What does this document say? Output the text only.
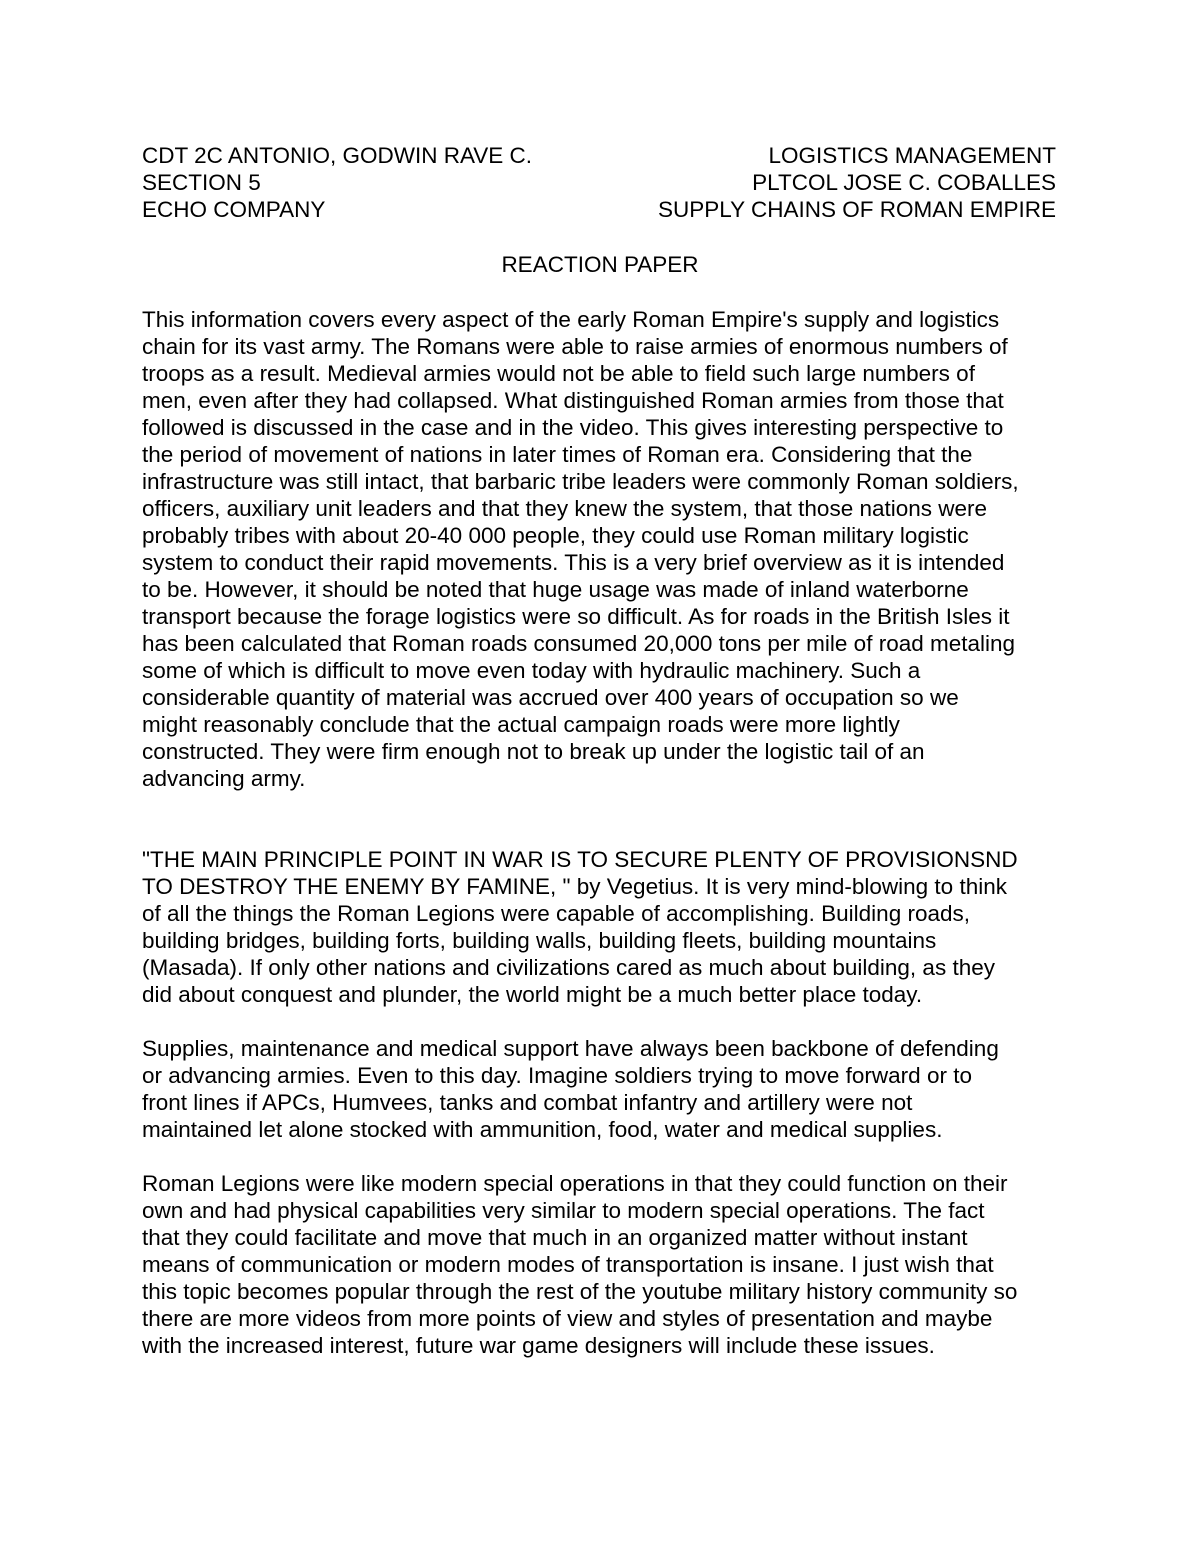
CDT 2C ANTONIO, GODWIN RAVE C.	LOGISTICS MANAGEMENT
SECTION 5	PLTCOL JOSE C. COBALLES
ECHO COMPANY	SUPPLY CHAINS OF ROMAN EMPIRE
REACTION PAPER
This information covers every aspect of the early Roman Empire's supply and logistics
chain for its vast army. The Romans were able to raise armies of enormous numbers of
troops as a result. Medieval armies would not be able to field such large numbers of
men, even after they had collapsed. What distinguished Roman armies from those that
followed is discussed in the case and in the video. This gives interesting perspective to
the period of movement of nations in later times of Roman era. Considering that the
infrastructure was still intact, that barbaric tribe leaders were commonly Roman soldiers,
officers, auxiliary unit leaders and that they knew the system, that those nations were
probably tribes with about 20-40 000 people, they could use Roman military logistic
system to conduct their rapid movements. This is a very brief overview as it is intended
to be. However, it should be noted that huge usage was made of inland waterborne
transport because the forage logistics were so difficult. As for roads in the British Isles it
has been calculated that Roman roads consumed 20,000 tons per mile of road metaling
some of which is difficult to move even today with hydraulic machinery. Such a
considerable quantity of material was accrued over 400 years of occupation so we
might reasonably conclude that the actual campaign roads were more lightly
constructed. They were firm enough not to break up under the logistic tail of an
advancing army.
"THE MAIN PRINCIPLE POINT IN WAR IS TO SECURE PLENTY OF PROVISIONSND
TO DESTROY THE ENEMY BY FAMINE, " by Vegetius. It is very mind-blowing to think
of all the things the Roman Legions were capable of accomplishing. Building roads,
building bridges, building forts, building walls, building fleets, building mountains
(Masada). If only other nations and civilizations cared as much about building, as they
did about conquest and plunder, the world might be a much better place today.
Supplies, maintenance and medical support have always been backbone of defending
or advancing armies. Even to this day. Imagine soldiers trying to move forward or to
front lines if APCs, Humvees, tanks and combat infantry and artillery were not
maintained let alone stocked with ammunition, food, water and medical supplies.
Roman Legions were like modern special operations in that they could function on their
own and had physical capabilities very similar to modern special operations. The fact
that they could facilitate and move that much in an organized matter without instant
means of communication or modern modes of transportation is insane. I just wish that
this topic becomes popular through the rest of the youtube military history community so
there are more videos from more points of view and styles of presentation and maybe
with the increased interest, future war game designers will include these issues.
